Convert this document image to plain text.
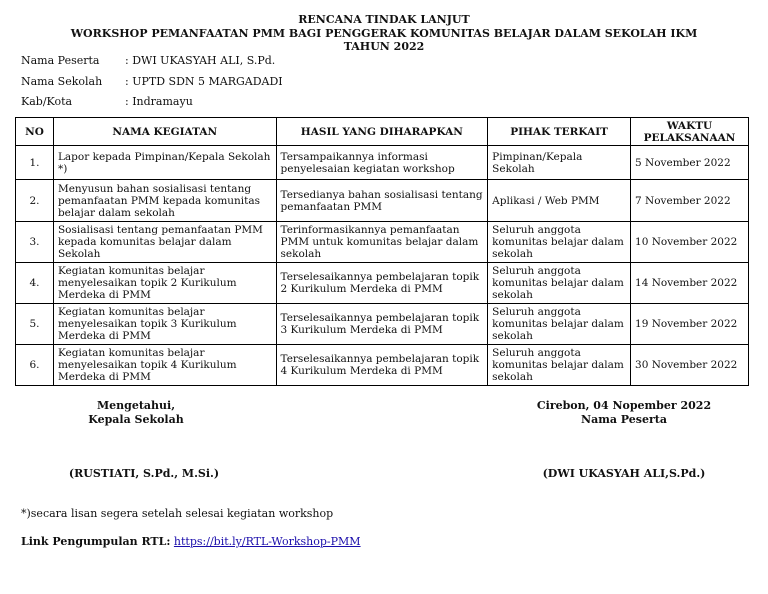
RENCANA TINDAK LANJUT
WORKSHOP PEMANFAATAN PMM BAGI PENGGERAK KOMUNITAS BELAJAR DALAM SEKOLAH IKM
TAHUN 2022
Nama Peserta : DWI UKASYAH ALI, S.Pd.
Nama Sekolah : UPTD SDN 5 MARGADADI
Kab/Kota	: Indramayu
NO	NAMA KEGIATAN	HASIL YANG DIHARAPKAN	PIHAK TERKAIT	WAKTU PELAKSANAAN
1.	Lapor kepada Pimpinan/Kepala Sekolah *)	Tersampaikannya informasi penyelesaian kegiatan workshop	Pimpinan/Kepala Sekolah	5 November 2022
2.	Menyusun bahan sosialisasi tentang pemanfaatan PMM kepada komunitas belajar dalam sekolah	Tersedianya bahan sosialisasi tentang pemanfaatan PMM	Aplikasi / Web PMM	7 November 2022
3.	Sosialisasi tentang pemanfaatan PMM kepada komunitas belajar dalam Sekolah	Terinformasikannya pemanfaatan PMM untuk komunitas belajar dalam sekolah	Seluruh anggota komunitas belajar dalam sekolah	10 November 2022
4.	Kegiatan komunitas belajar menyelesaikan topik 2 Kurikulum Merdeka di PMM	Terselesaikannya pembelajaran topik 2 Kurikulum Merdeka di PMM	Seluruh anggota komunitas belajar dalam sekolah	14 November 2022
5.	Kegiatan komunitas belajar menyelesaikan topik 3 Kurikulum Merdeka di PMM	Terselesaikannya pembelajaran topik 3 Kurikulum Merdeka di PMM	Seluruh anggota komunitas belajar dalam sekolah	19 November 2022
6.	Kegiatan komunitas belajar menyelesaikan topik 4 Kurikulum Merdeka di PMM	Terselesaikannya pembelajaran topik 4 Kurikulum Merdeka di PMM	Seluruh anggota komunitas belajar dalam sekolah	30 November 2022
Mengetahui,
Kepala Sekolah
(RUSTIATI, S.Pd., M.Si.)
Cirebon, 04 Nopember 2022
Nama Peserta
(DWI UKASYAH ALI,S.Pd.)
*)secara lisan segera setelah selesai kegiatan workshop
Link Pengumpulan RTL: https://bit.ly/RTL-Workshop-PMM
